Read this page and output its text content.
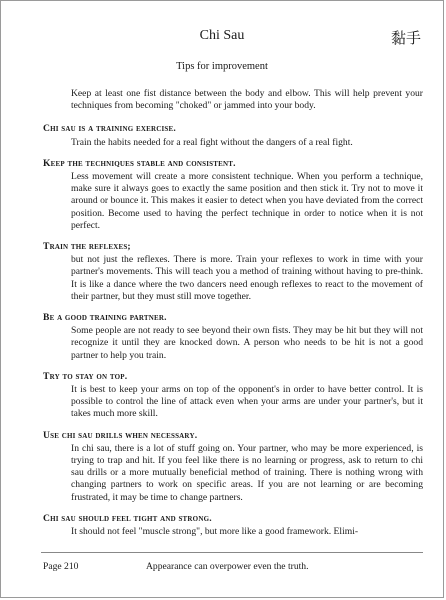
Chi Sau	黏手
Tips for improvement

Keep at least one fist distance between the body and elbow. This will help prevent your techniques from becoming "choked" or jammed into your body.

Chi sau is a training exercise.

Train the habits needed for a real fight without the dangers of a real fight.

Keep the techniques stable and consistent.

Less movement will create a more consistent technique. When you perform a technique, make sure it always goes to exactly the same position and then stick it. Try not to move it around or bounce it. This makes it easier to detect when you have deviated from the correct position. Become used to having the perfect technique in order to notice when it is not perfect.

Train the reflexes;

but not just the reflexes. There is more. Train your reflexes to work in time with your partner's movements. This will teach you a method of training without having to pre-think. It is like a dance where the two dancers need enough reflexes to react to the movement of their partner, but they must still move together.

Be a good training partner.

Some people are not ready to see beyond their own fists. They may be hit but they will not recognize it until they are knocked down. A person who needs to be hit is not a good partner to help you train.

Try to stay on top.

It is best to keep your arms on top of the opponent's in order to have better control. It is possible to control the line of attack even when your arms are under your partner's, but it takes much more skill.

Use chi sau drills when necessary.

In chi sau, there is a lot of stuff going on. Your partner, who may be more experienced, is trying to trap and hit. If you feel like there is no learning or progress, ask to return to chi sau drills or a more mutually beneficial method of training. There is nothing wrong with changing partners to work on specific areas. If you are not learning or are becoming frustrated, it may be time to change partners.

Chi sau should feel tight and strong.

It should not feel "muscle strong", but more like a good framework. Elimi-

Page 210	Appearance can overpower even the truth.
